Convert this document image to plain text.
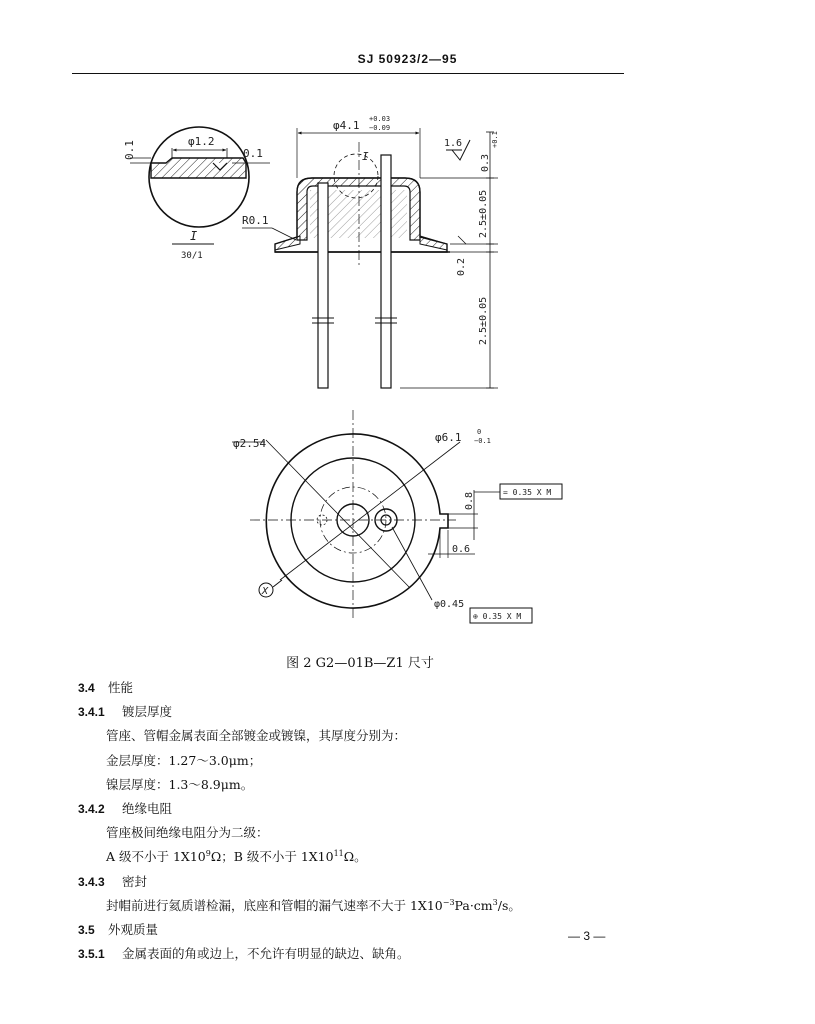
SJ 50923/2—95
φ1.2
0.1
0.1
I
30/1
I
φ4.1 +0.03
−0.09
1.6
0.3
+0.1
2.5±0.05
0.2
2.5±0.05
R0.1
φ2.54	φ6.1 0
−0.1
X
0.8
0.6
= 0.35 X M
φ0.45
⊕ 0.35 X M
图 2 G2—01B—Z1 尺寸
3.4 性能
3.4.1 镀层厚度
管座、管帽金属表面全部镀金或镀镍，其厚度分别为：
金层厚度：1.27～3.0μm；
镍层厚度：1.3～8.9μm。
3.4.2 绝缘电阻
管座极间绝缘电阻分为二级：
A 级不小于 $1X10^9\Omega$；B 级不小于 $1X10^{11}\Omega$。
3.4.3 密封
封帽前进行氦质谱检漏，底座和管帽的漏气速率不大于 $1X10^{-3}Pa\cdot cm^3/s$。
3.5 外观质量
3.5.1 金属表面的角或边上，不允许有明显的缺边、缺角。
— 3 —
